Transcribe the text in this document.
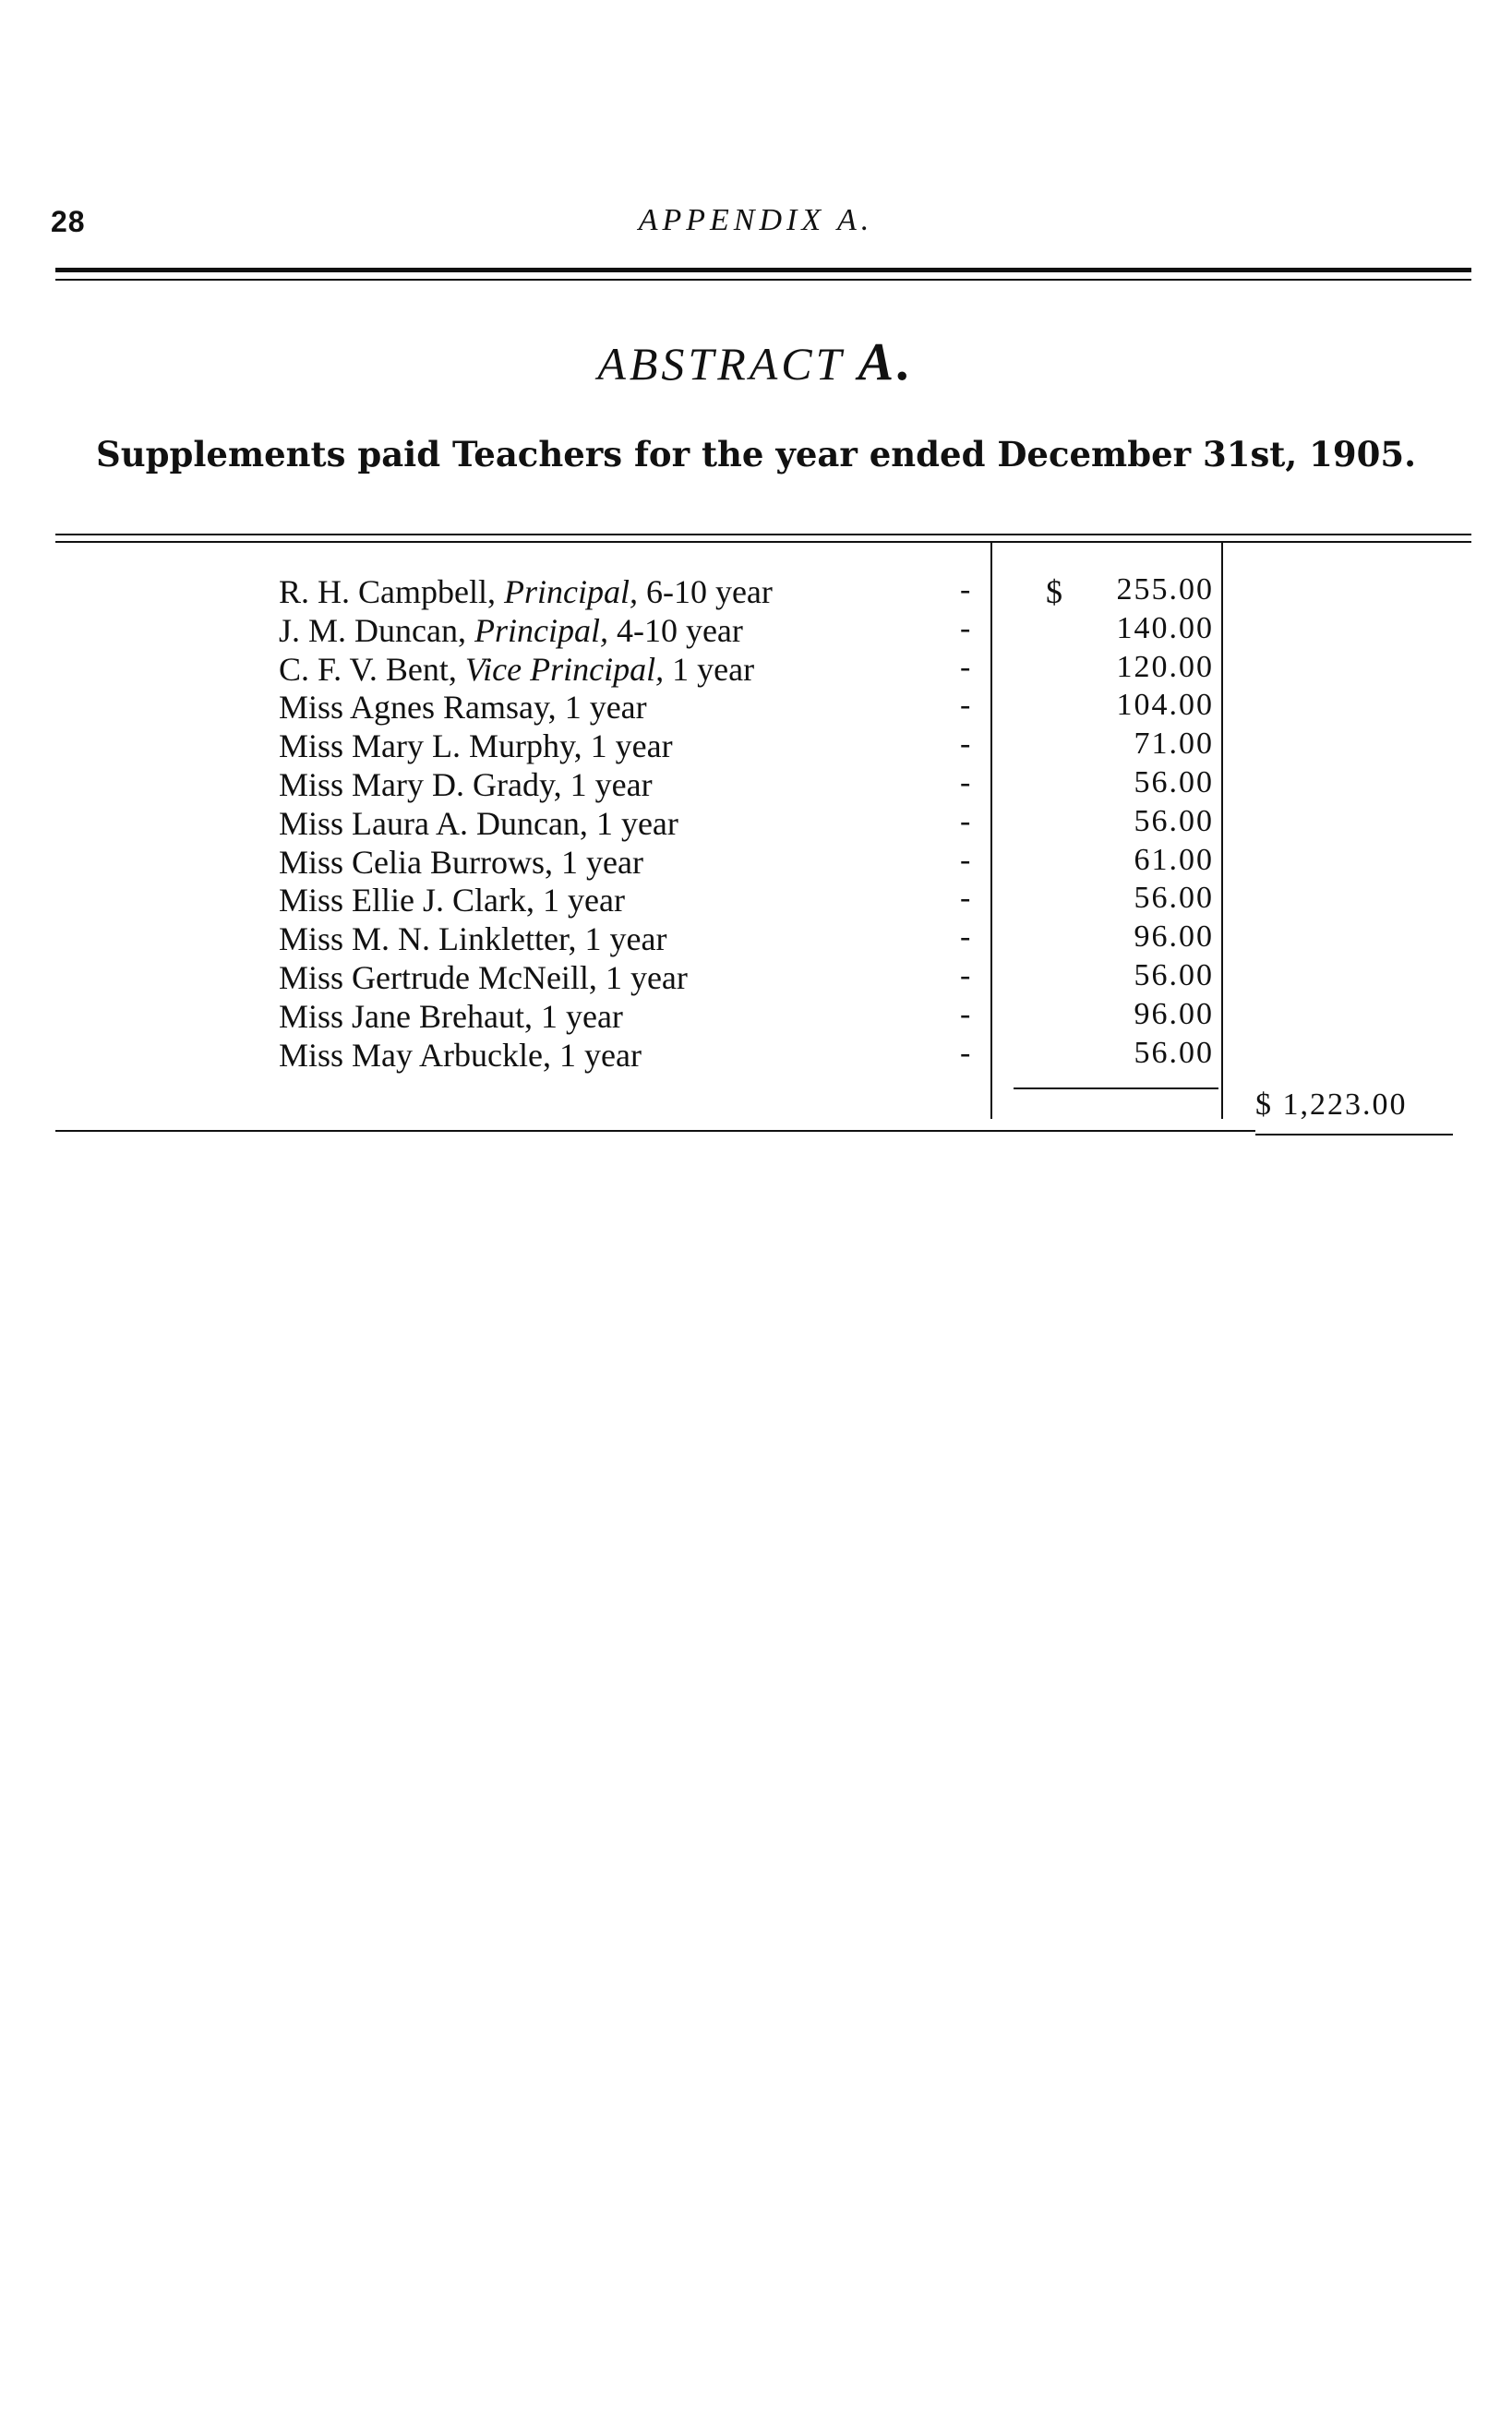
28	APPENDIX A.
ABSTRACT A.
Supplements paid Teachers for the year ended December 31st, 1905.
R. H. Campbell, Principal, 6-10 year	- $ 255.00
J. M. Duncan, Principal, 4-10 year	-	140.00
C. F. V. Bent, Vice Principal, 1 year	-	120.00
Miss Agnes Ramsay, 1 year	-	104.00
Miss Mary L. Murphy, 1 year	-	71.00
Miss Mary D. Grady, 1 year	-	56.00
Miss Laura A. Duncan, 1 year	-	56.00
Miss Celia Burrows, 1 year	-	61.00
Miss Ellie J. Clark, 1 year	-	56.00
Miss M. N. Linkletter, 1 year	-	96.00
Miss Gertrude McNeill, 1 year	-	56.00
Miss Jane Brehaut, 1 year	-	96.00
Miss May Arbuckle, 1 year	-	56.00
$ 1,223.00
